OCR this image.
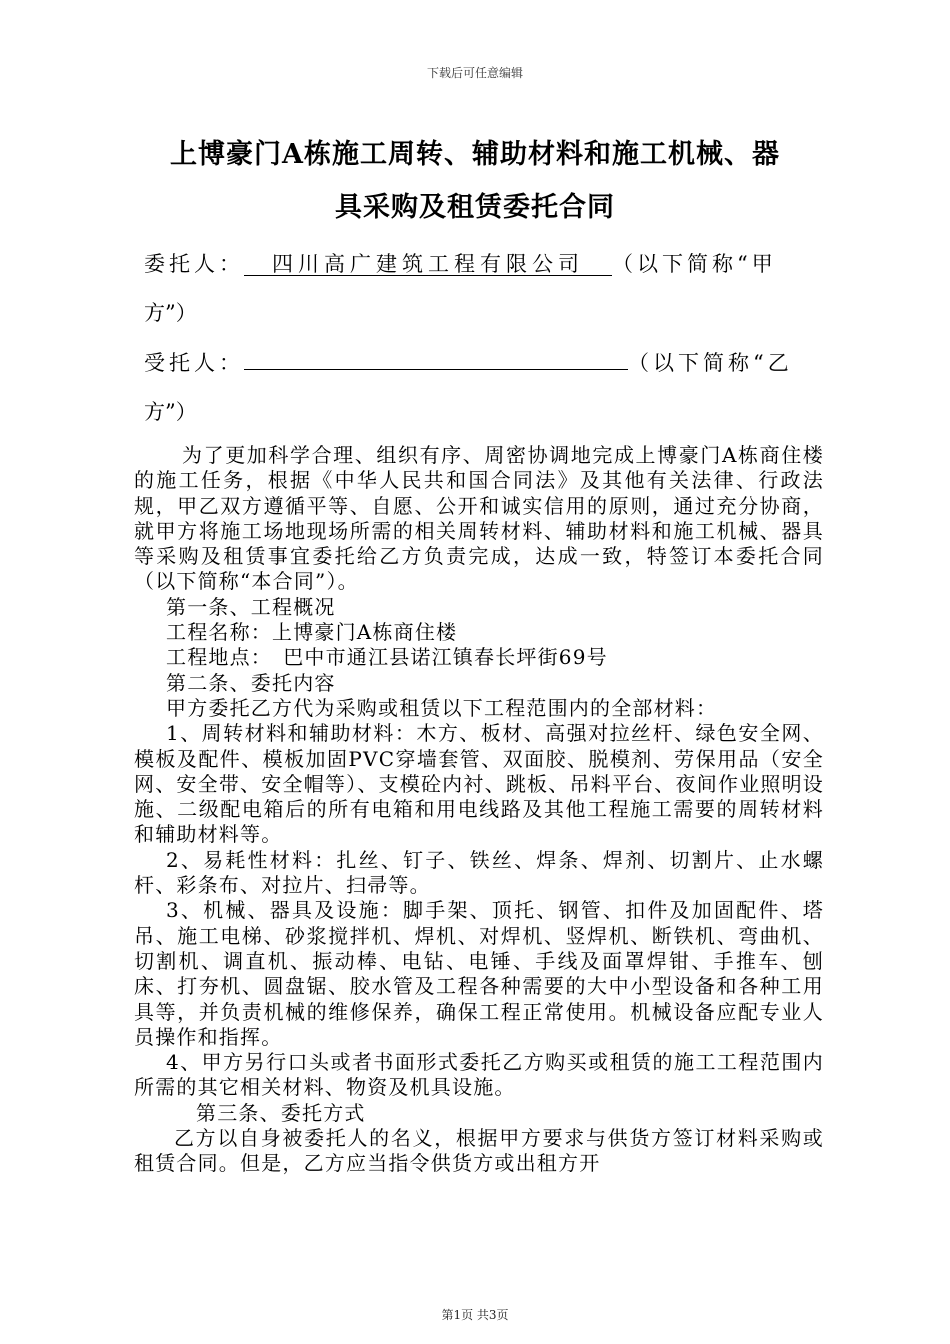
下载后可任意编辑
上博豪门A栋施工周转、辅助材料和施工机械、器
具采购及租赁委托合同
委托人： 四川高广建筑工程有限公司 （以下简称“甲
方”）
受托人：	（以下简称“乙
方”）

为了更加科学合理、组织有序、周密协调地完成上博豪门A栋商住楼的施工任务，根据《中华人民共和国合同法》及其他有关法律、行政法规，甲乙双方遵循平等、自愿、公开和诚实信用的原则，通过充分协商，就甲方将施工场地现场所需的相关周转材料、辅助材料和施工机械、器具等采购及租赁事宜委托给乙方负责完成，达成一致，特签订本委托合同（以下简称“本合同”）。

第一条、工程概况

工程名称：上博豪门A栋商住楼

工程地点：　巴中市通江县诺江镇春长坪街69号

第二条、委托内容

甲方委托乙方代为采购或租赁以下工程范围内的全部材料：

1、周转材料和辅助材料：木方、板材、高强对拉丝杆、绿色安全网、模板及配件、模板加固PVC穿墙套管、双面胶、脱模剂、劳保用品（安全网、安全带、安全帽等）、支模砼内衬、跳板、吊料平台、夜间作业照明设施、二级配电箱后的所有电箱和用电线路及其他工程施工需要的周转材料和辅助材料等。

2、易耗性材料：扎丝、钉子、铁丝、焊条、焊剂、切割片、止水螺杆、彩条布、对拉片、扫帚等。

3、机械、器具及设施：脚手架、顶托、钢管、扣件及加固配件、塔吊、施工电梯、砂浆搅拌机、焊机、对焊机、竖焊机、断铁机、弯曲机、切割机、调直机、振动棒、电钻、电锤、手线及面罩焊钳、手推车、刨床、打夯机、圆盘锯、胶水管及工程各种需要的大中小型设备和各种工用具等，并负责机械的维修保养，确保工程正常使用。机械设备应配专业人员操作和指挥。

4、甲方另行口头或者书面形式委托乙方购买或租赁的施工工程范围内所需的其它相关材料、物资及机具设施。

第三条、委托方式

乙方以自身被委托人的名义，根据甲方要求与供货方签订材料采购或租赁合同。但是，乙方应当指令供货方或出租方开

第1页 共3页
